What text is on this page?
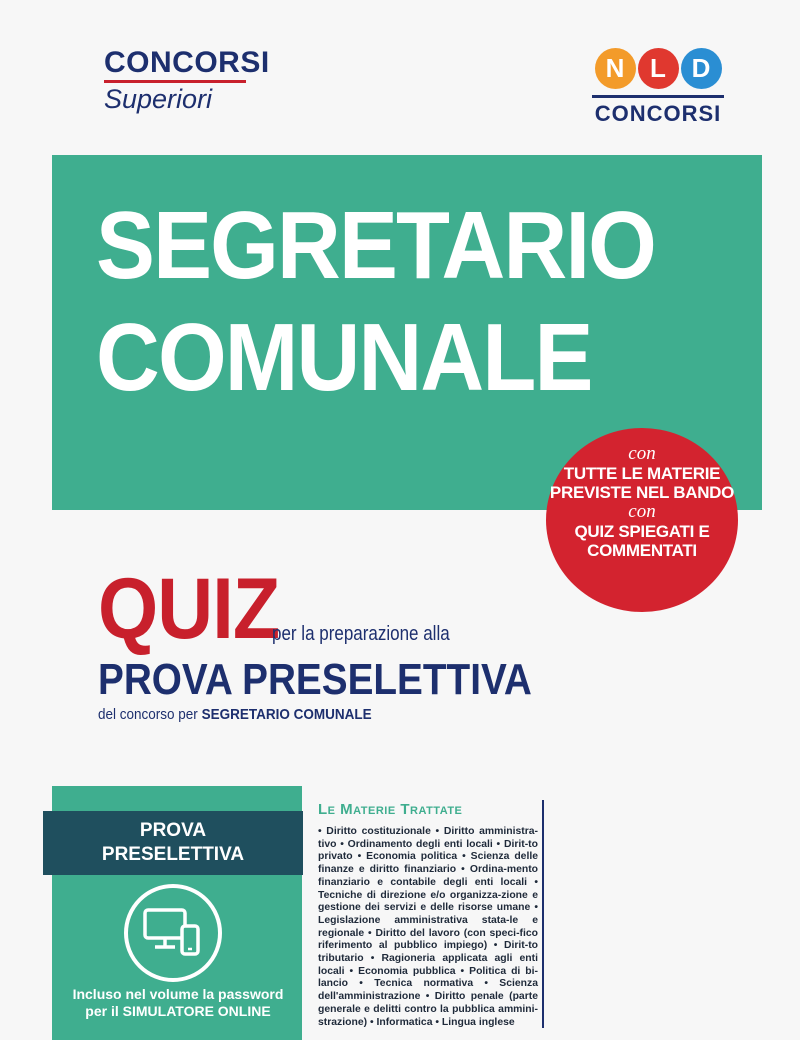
CONCORSI
Superiori
N L D
CONCORSI
SEGRETARIO
COMUNALE
con
TUTTE LE MATERIE
PREVISTE NEL BANDO
con
QUIZ SPIEGATI E
COMMENTATI
QUIZ
per la preparazione alla
PROVA PRESELETTIVA
del concorso per SEGRETARIO COMUNALE
PROVA
PRESELETTIVA
Incluso nel volume la password
per il SIMULATORE ONLINE
Le Materie Trattate
• Diritto costituzionale • Diritto amministra-tivo • Ordinamento degli enti locali • Dirit-to privato • Economia politica • Scienza delle finanze e diritto finanziario • Ordina-mento finanziario e contabile degli enti locali • Tecniche di direzione e/o organizza-zione e gestione dei servizi e delle risorse umane • Legislazione amministrativa stata-le e regionale • Diritto del lavoro (con speci-fico riferimento al pubblico impiego) • Dirit-to tributario • Ragioneria applicata agli enti locali • Economia pubblica • Politica di bi-lancio • Tecnica normativa • Scienza dell'amministrazione • Diritto penale (parte generale e delitti contro la pubblica ammini-strazione) • Informatica • Lingua inglese
